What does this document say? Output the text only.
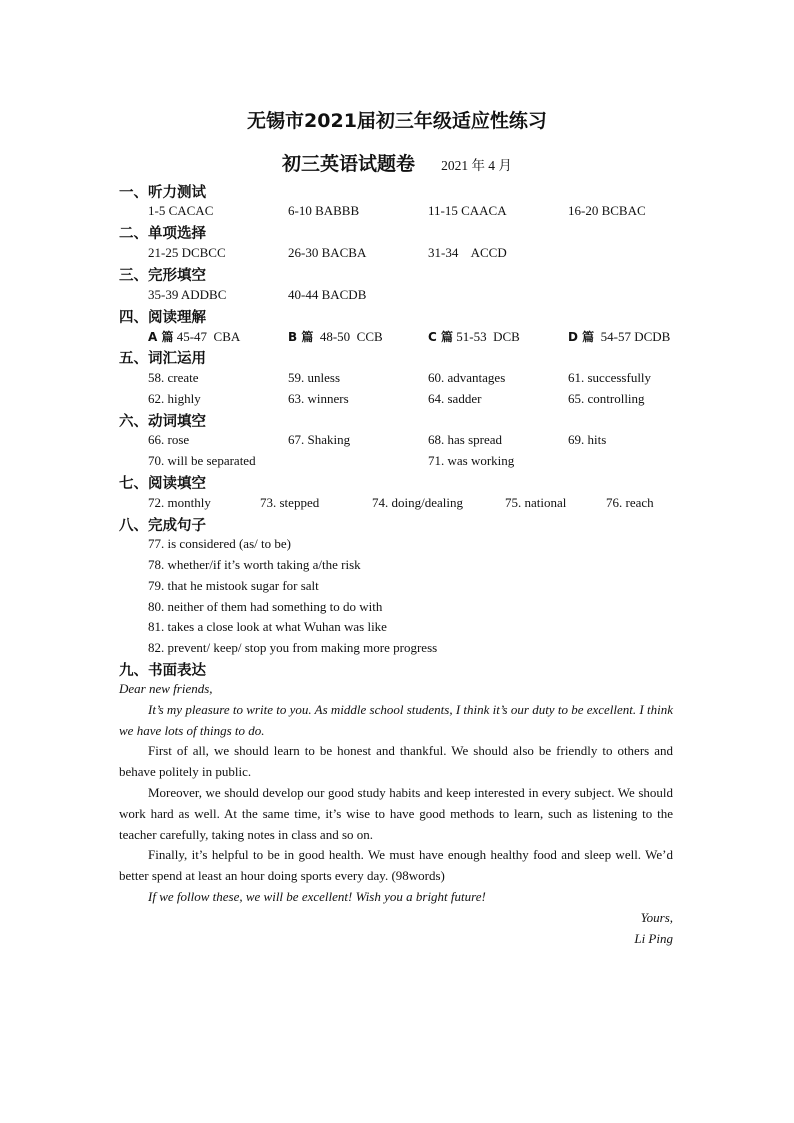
无锡市2021届初三年级适应性练习
初三英语试题卷 2021 年 4 月
一、听力测试
1-5 CACAC	6-10 BABBB	11-15 CAACA	16-20 BCBAC
二、单项选择
21-25 DCBCC	26-30 BACBA	31-34    ACCD
三、完形填空
35-39 ADDBC	40-44 BACDB
四、阅读理解
A 篇 45-47  CBA	B 篇  48-50  CCB	C 篇 51-53  DCB	D 篇  54-57 DCDB
五、词汇运用
58. create	59. unless	60. advantages	61. successfully
62. highly	63. winners	64. sadder	65. controlling
六、动词填空
66. rose	67. Shaking	68. has spread	69. hits
70. will be separated	71. was working
七、阅读填空
72. monthly	73. stepped	74. doing/dealing	75. national	76. reach
八、完成句子
77. is considered (as/ to be)
78. whether/if it’s worth taking a/the risk
79. that he mistook sugar for salt
80. neither of them had something to do with
81. takes a close look at what Wuhan was like
82. prevent/ keep/ stop you from making more progress
九、书面表达

Dear new friends,

It’s my pleasure to write to you. As middle school students, I think it’s our duty to be excellent. I think we have lots of things to do.

First of all, we should learn to be honest and thankful. We should also be friendly to others and behave politely in public.

Moreover, we should develop our good study habits and keep interested in every subject. We should work hard as well. At the same time, it’s wise to have good methods to learn, such as listening to the teacher carefully, taking notes in class and so on.

Finally, it’s helpful to be in good health. We must have enough healthy food and sleep well. We’d better spend at least an hour doing sports every day. (98words)

If we follow these, we will be excellent! Wish you a bright future!

Yours,
Li Ping
